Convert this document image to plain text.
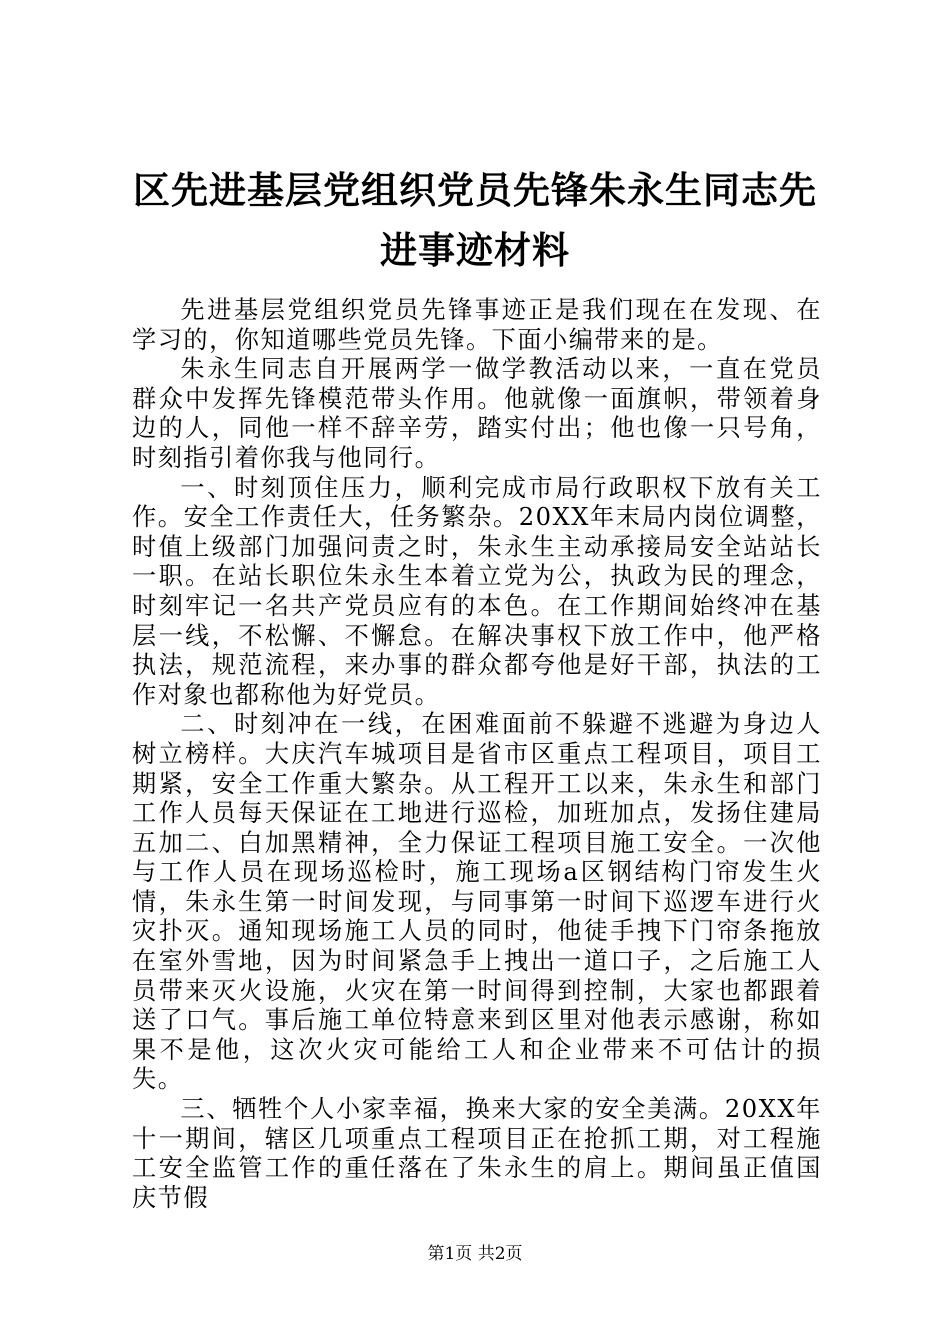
区先进基层党组织党员先锋朱永生同志先进事迹材料

先进基层党组织党员先锋事迹正是我们现在在发现、在学习的，你知道哪些党员先锋。下面小编带来的是。

朱永生同志自开展两学一做学教活动以来，一直在党员群众中发挥先锋模范带头作用。他就像一面旗帜，带领着身边的人，同他一样不辞辛劳，踏实付出；他也像一只号角，时刻指引着你我与他同行。

一、时刻顶住压力，顺利完成市局行政职权下放有关工作。安全工作责任大，任务繁杂。20XX年末局内岗位调整，时值上级部门加强问责之时，朱永生主动承接局安全站站长一职。在站长职位朱永生本着立党为公，执政为民的理念，时刻牢记一名共产党员应有的本色。在工作期间始终冲在基层一线，不松懈、不懈怠。在解决事权下放工作中，他严格执法，规范流程，来办事的群众都夸他是好干部，执法的工作对象也都称他为好党员。

二、时刻冲在一线，在困难面前不躲避不逃避为身边人树立榜样。大庆汽车城项目是省市区重点工程项目，项目工期紧，安全工作重大繁杂。从工程开工以来，朱永生和部门工作人员每天保证在工地进行巡检，加班加点，发扬住建局五加二、白加黑精神，全力保证工程项目施工安全。一次他与工作人员在现场巡检时，施工现场a区钢结构门帘发生火情，朱永生第一时间发现，与同事第一时间下巡逻车进行火灾扑灭。通知现场施工人员的同时，他徒手拽下门帘条拖放在室外雪地，因为时间紧急手上拽出一道口子，之后施工人员带来灭火设施，火灾在第一时间得到控制，大家也都跟着送了口气。事后施工单位特意来到区里对他表示感谢，称如果不是他，这次火灾可能给工人和企业带来不可估计的损失。

三、牺牲个人小家幸福，换来大家的安全美满。20XX年十一期间，辖区几项重点工程项目正在抢抓工期，对工程施工安全监管工作的重任落在了朱永生的肩上。期间虽正值国庆节假

第1页 共2页
